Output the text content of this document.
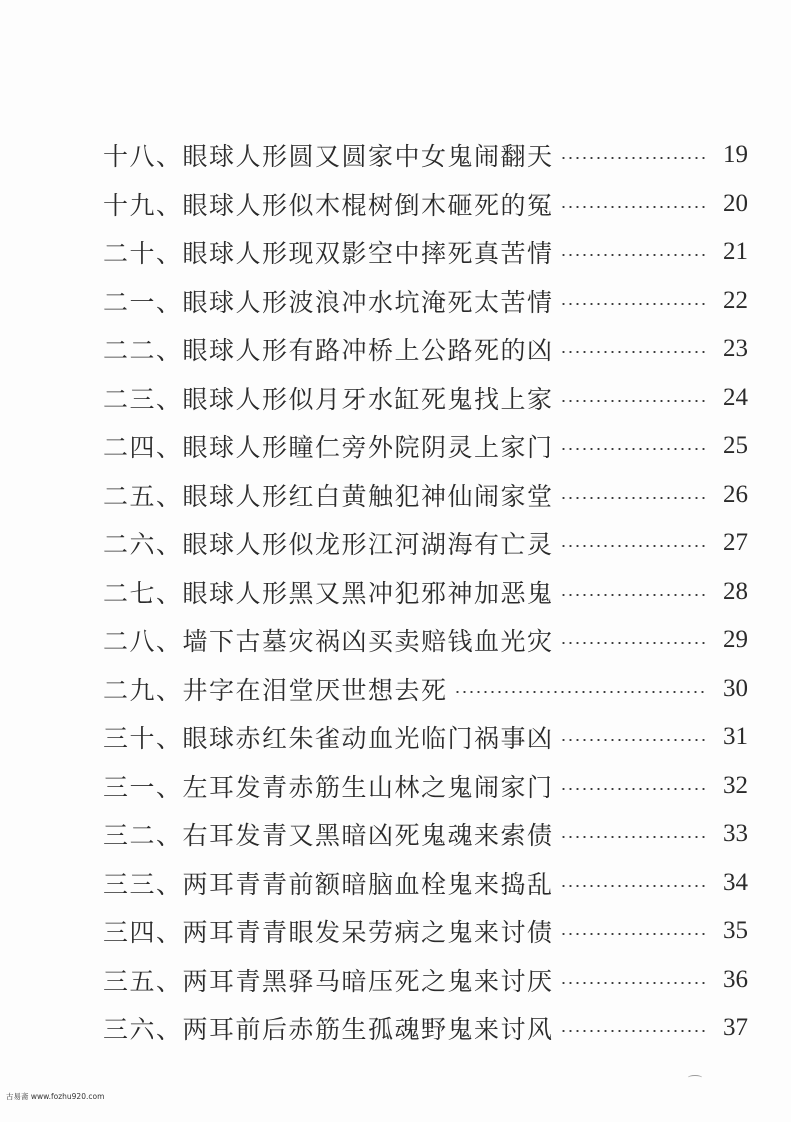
十八、 眼球人形圆又圆家中女鬼闹翻天	19
十九、 眼球人形似木棍树倒木砸死的冤	20
二十、 眼球人形现双影空中摔死真苦情	21
二一、 眼球人形波浪冲水坑淹死太苦情	22
二二、 眼球人形有路冲桥上公路死的凶	23
二三、 眼球人形似月牙水缸死鬼找上家	24
二四、 眼球人形瞳仁旁外院阴灵上家门	25
二五、 眼球人形红白黄触犯神仙闹家堂	26
二六、 眼球人形似龙形江河湖海有亡灵	27
二七、 眼球人形黑又黑冲犯邪神加恶鬼	28
二八、 墙下古墓灾祸凶买卖赔钱血光灾	29
二九、 井字在泪堂厌世想去死	30
三十、 眼球赤红朱雀动血光临门祸事凶	31
三一、 左耳发青赤筋生山林之鬼闹家门	32
三二、 右耳发青又黑暗凶死鬼魂来索债	33
三三、 两耳青青前额暗脑血栓鬼来捣乱	34
三四、 两耳青青眼发呆劳病之鬼来讨债	35
三五、 两耳青黑驿马暗压死之鬼来讨厌	36
三六、 两耳前后赤筋生孤魂野鬼来讨风	37
古易斋 www.fozhu920.com
